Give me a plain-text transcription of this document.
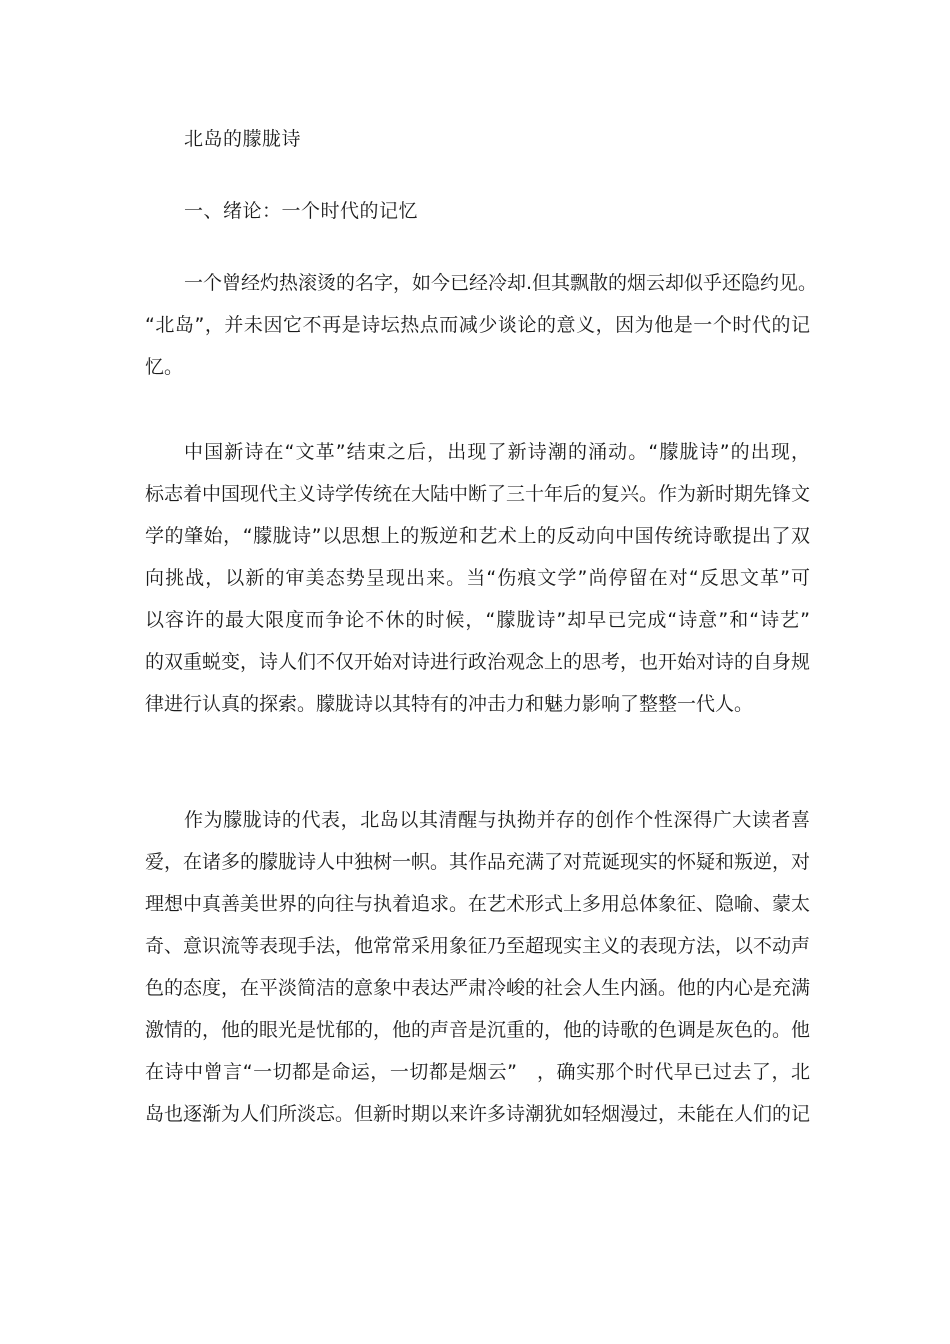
北岛的朦胧诗
一、绪论：一个时代的记忆

一个曾经灼热滚烫的名字，如今已经冷却.但其飘散的烟云却似乎还隐约见。
“北岛”，并未因它不再是诗坛热点而减少谈论的意义，因为他是一个时代的记
忆。

中国新诗在“文革”结束之后，出现了新诗潮的涌动。“朦胧诗”的出现，
标志着中国现代主义诗学传统在大陆中断了三十年后的复兴。作为新时期先锋文
学的肇始，“朦胧诗”以思想上的叛逆和艺术上的反动向中国传统诗歌提出了双
向挑战，以新的审美态势呈现出来。当“伤痕文学”尚停留在对“反思文革”可
以容许的最大限度而争论不休的时候，“朦胧诗”却早已完成“诗意”和“诗艺”
的双重蜕变，诗人们不仅开始对诗进行政治观念上的思考，也开始对诗的自身规
律进行认真的探索。朦胧诗以其特有的冲击力和魅力影响了整整一代人。

作为朦胧诗的代表，北岛以其清醒与执拗并存的创作个性深得广大读者喜
爱，在诸多的朦胧诗人中独树一帜。其作品充满了对荒诞现实的怀疑和叛逆，对
理想中真善美世界的向往与执着追求。在艺术形式上多用总体象征、隐喻、蒙太
奇、意识流等表现手法，他常常采用象征乃至超现实主义的表现方法，以不动声
色的态度，在平淡简洁的意象中表达严肃冷峻的社会人生内涵。他的内心是充满
激情的，他的眼光是忧郁的，他的声音是沉重的，他的诗歌的色调是灰色的。他
在诗中曾言“一切都是命运，一切都是烟云”　，确实那个时代早已过去了，北
岛也逐渐为人们所淡忘。但新时期以来许多诗潮犹如轻烟漫过，未能在人们的记
